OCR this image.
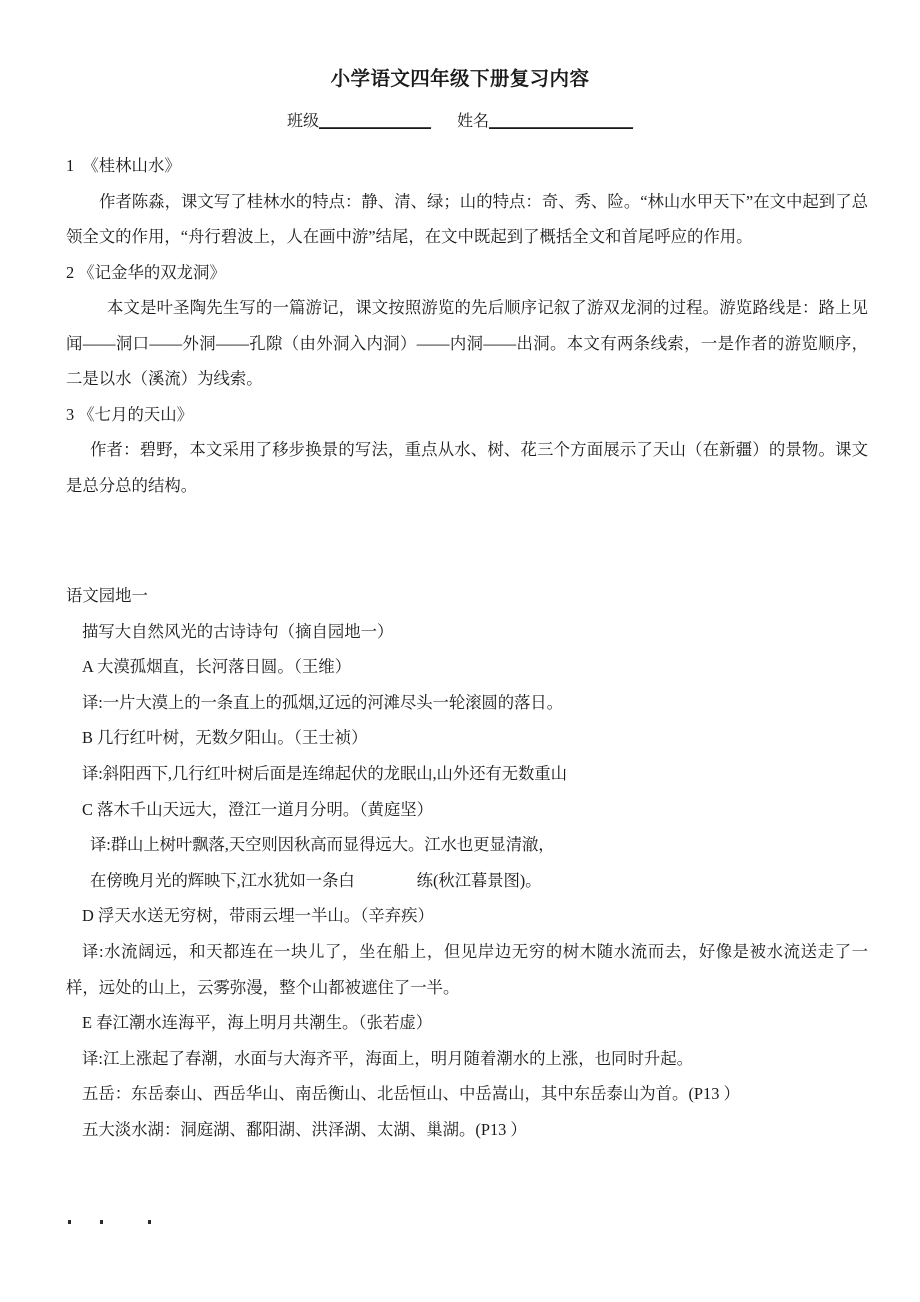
小学语文四年级下册复习内容
班级______________ 姓名__________________

1　《桂林山水》

作者陈淼，课文写了桂林水的特点：静、清、绿；山的特点：奇、秀、险。“林山水甲天下”在文中起到了总领全文的作用，“舟行碧波上，人在画中游”结尾，在文中既起到了概括全文和首尾呼应的作用。

2 《记金华的双龙洞》

本文是叶圣陶先生写的一篇游记，课文按照游览的先后顺序记叙了游双龙洞的过程。游览路线是：路上见闻——洞口——外洞——孔隙（由外洞入内洞）——内洞——出洞。本文有两条线索，一是作者的游览顺序，二是以水（溪流）为线索。

3 《七月的天山》

作者：碧野，本文采用了移步换景的写法，重点从水、树、花三个方面展示了天山（在新疆）的景物。课文是总分总的结构。

语文园地一

描写大自然风光的古诗诗句（摘自园地一）

A 大漠孤烟直，长河落日圆。（王维）

译:一片大漠上的一条直上的孤烟,辽远的河滩尽头一轮滚圆的落日。

B 几行红叶树，无数夕阳山。（王士祯）

译:斜阳西下,几行红叶树后面是连绵起伏的龙眠山,山外还有无数重山

C 落木千山天远大，澄江一道月分明。（黄庭坚）

译:群山上树叶飘落,天空则因秋高而显得远大。江水也更显清澈，

在傍晚月光的辉映下,江水犹如一条白	练(秋江暮景图)。

D 浮天水送无穷树，带雨云埋一半山。（辛弃疾）

译:水流阔远，和天都连在一块儿了，坐在船上，但见岸边无穷的树木随水流而去，好像是被水流送走了一样，远处的山上，云雾弥漫，整个山都被遮住了一半。

E 春江潮水连海平，海上明月共潮生。（张若虚）

译:江上涨起了春潮，水面与大海齐平，海面上，明月随着潮水的上涨，也同时升起。

五岳：东岳泰山、西岳华山、南岳衡山、北岳恒山、中岳嵩山，其中东岳泰山为首。(P13 ）

五大淡水湖：洞庭湖、鄱阳湖、洪泽湖、太湖、巢湖。(P13 ）
